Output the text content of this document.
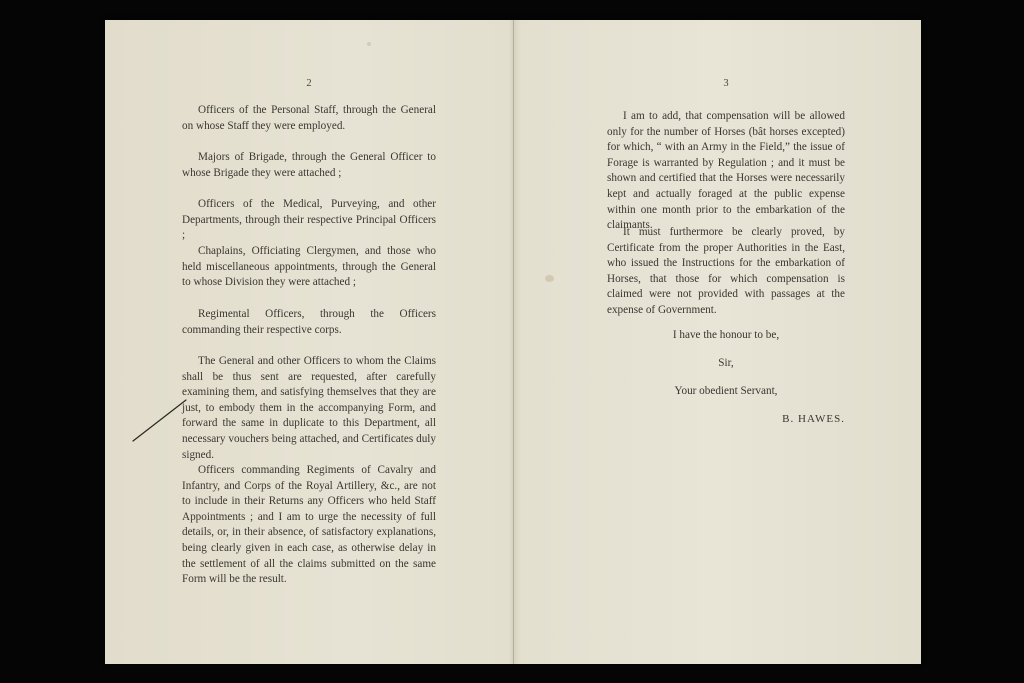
2

Officers of the Personal Staff, through the General on whose Staff they were employed.

Majors of Brigade, through the General Officer to whose Brigade they were attached ;

Officers of the Medical, Purveying, and other Departments, through their respective Principal Officers ;

Chaplains, Officiating Clergymen, and those who held miscellaneous appointments, through the General to whose Division they were attached ;

Regimental Officers, through the Officers commanding their respective corps.

The General and other Officers to whom the Claims shall be thus sent are requested, after carefully examining them, and satisfying themselves that they are just, to embody them in the accompanying Form, and forward the same in duplicate to this Department, all necessary vouchers being attached, and Certificates duly signed.

Officers commanding Regiments of Cavalry and Infantry, and Corps of the Royal Artillery, &c., are not to include in their Returns any Officers who held Staff Appointments ; and I am to urge the necessity of full details, or, in their absence, of satisfactory explanations, being clearly given in each case, as otherwise delay in the settlement of all the claims submitted on the same Form will be the result.

3

I am to add, that compensation will be allowed only for the number of Horses (bât horses excepted) for which, “ with an Army in the Field,” the issue of Forage is warranted by Regulation ; and it must be shown and certified that the Horses were necessarily kept and actually foraged at the public expense within one month prior to the embarkation of the claimants.

It must furthermore be clearly proved, by Certificate from the proper Authorities in the East, who issued the Instructions for the embarkation of Horses, that those for which compensation is claimed were not provided with passages at the expense of Government.

I have the honour to be,

Sir,

Your obedient Servant,

B. HAWES.
